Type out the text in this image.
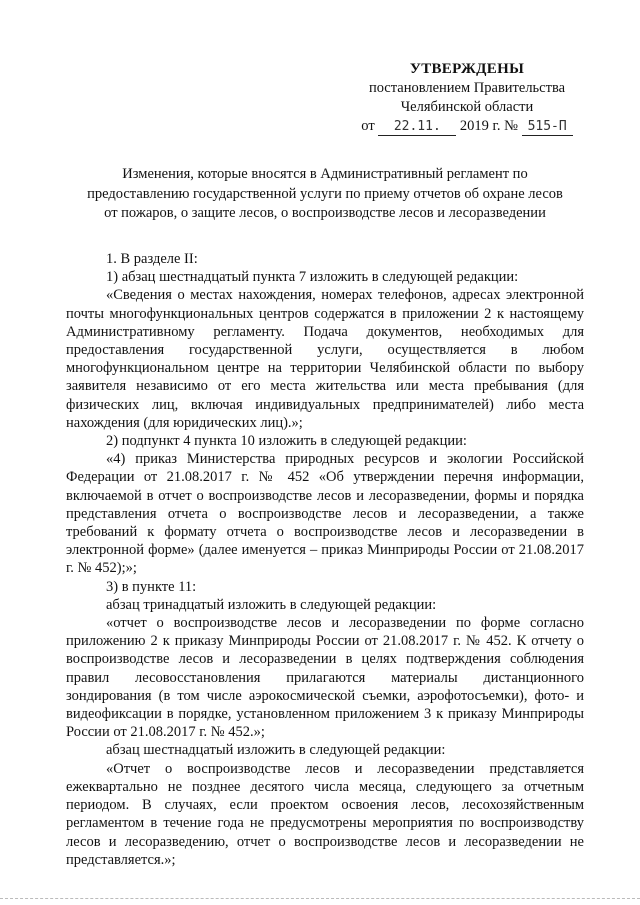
УТВЕРЖДЕНЫ
постановлением Правительства
Челябинской области
от 22.11. 2019 г. № 515-П
Изменения, которые вносятся в Административный регламент по предоставлению государственной услуги по приему отчетов об охране лесов от пожаров, о защите лесов, о воспроизводстве лесов и лесоразведении

1. В разделе II:

1) абзац шестнадцатый пункта 7 изложить в следующей редакции:

«Сведения о местах нахождения, номерах телефонов, адресах электронной почты многофункциональных центров содержатся в приложении 2 к настоящему Административному регламенту. Подача документов, необходимых для предоставления государственной услуги, осуществляется в любом многофункциональном центре на территории Челябинской области по выбору заявителя независимо от его места жительства или места пребывания (для физических лиц, включая индивидуальных предпринимателей) либо места нахождения (для юридических лиц).»;

2) подпункт 4 пункта 10 изложить в следующей редакции:

«4) приказ Министерства природных ресурсов и экологии Российской Федерации от 21.08.2017 г. № 452 «Об утверждении перечня информации, включаемой в отчет о воспроизводстве лесов и лесоразведении, формы и порядка представления отчета о воспроизводстве лесов и лесоразведении, а также требований к формату отчета о воспроизводстве лесов и лесоразведении в электронной форме» (далее именуется – приказ Минприроды России от 21.08.2017 г. № 452);»;

3) в пункте 11:

абзац тринадцатый изложить в следующей редакции:

«отчет о воспроизводстве лесов и лесоразведении по форме согласно приложению 2 к приказу Минприроды России от 21.08.2017 г. № 452. К отчету о воспроизводстве лесов и лесоразведении в целях подтверждения соблюдения правил лесовосстановления прилагаются материалы дистанционного зондирования (в том числе аэрокосмической съемки, аэрофотосъемки), фото- и видеофиксации в порядке, установленном приложением 3 к приказу Минприроды России от 21.08.2017 г. № 452.»;

абзац шестнадцатый изложить в следующей редакции:

«Отчет о воспроизводстве лесов и лесоразведении представляется ежеквартально не позднее десятого числа месяца, следующего за отчетным периодом. В случаях, если проектом освоения лесов, лесохозяйственным регламентом в течение года не предусмотрены мероприятия по воспроизводству лесов и лесоразведению, отчет о воспроизводстве лесов и лесоразведении не представляется.»;
